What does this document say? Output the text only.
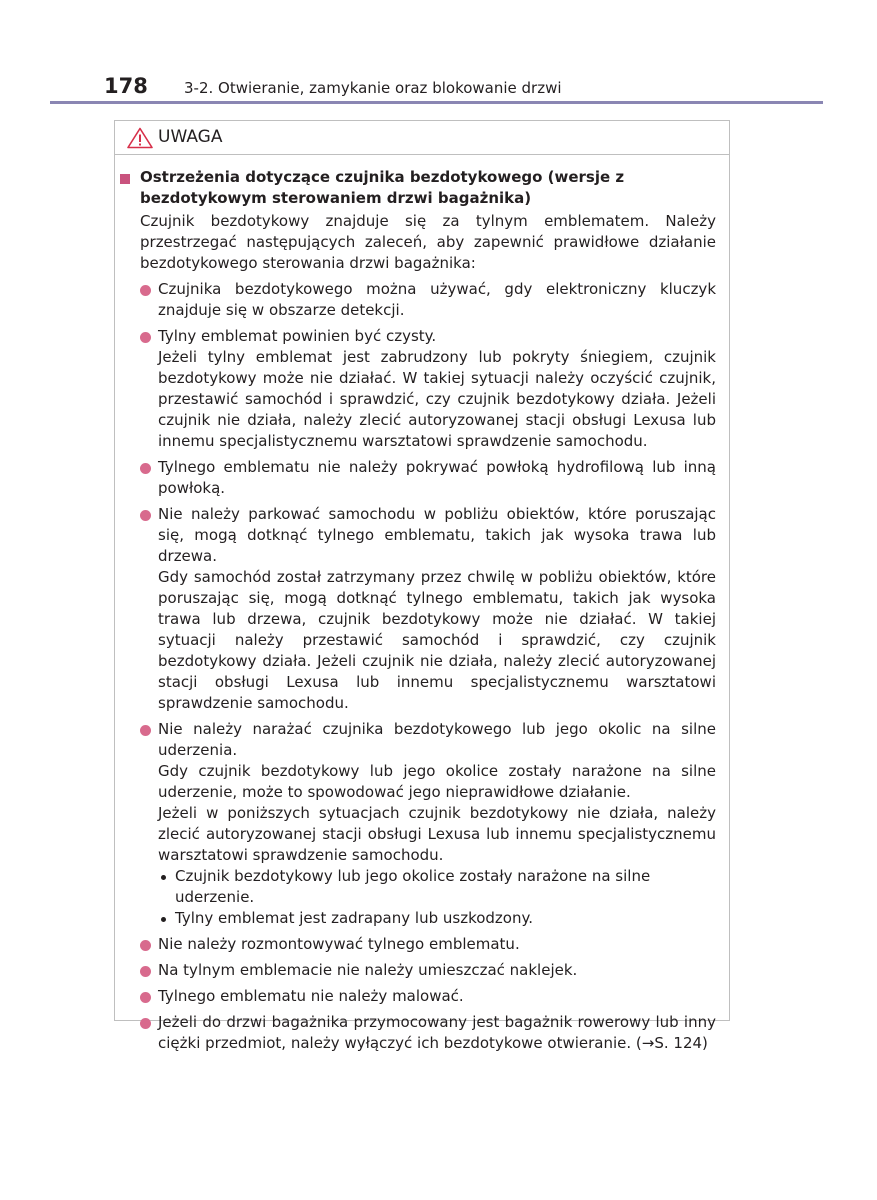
178 3-2. Otwieranie, zamykanie oraz blokowanie drzwi
UWAGA
Ostrzeżenia dotyczące czujnika bezdotykowego (wersje z bezdotykowym sterowaniem drzwi bagażnika)
Czujnik bezdotykowy znajduje się za tylnym emblematem. Należy przestrzegać następujących zaleceń, aby zapewnić prawidłowe działanie bezdotykowego sterowania drzwi bagażnika:

Czujnika bezdotykowego można używać, gdy elektroniczny kluczyk znajduje się w obszarze detekcji.

Tylny emblemat powinien być czysty.

Jeżeli tylny emblemat jest zabrudzony lub pokryty śniegiem, czujnik bezdotykowy może nie działać. W takiej sytuacji należy oczyścić czujnik, przestawić samochód i sprawdzić, czy czujnik bezdotykowy działa. Jeżeli czujnik nie działa, należy zlecić autoryzowanej stacji obsługi Lexusa lub innemu specjalistycznemu warsztatowi sprawdzenie samochodu.

Tylnego emblematu nie należy pokrywać powłoką hydrofilową lub inną powłoką.

Nie należy parkować samochodu w pobliżu obiektów, które poruszając się, mogą dotknąć tylnego emblematu, takich jak wysoka trawa lub drzewa.

Gdy samochód został zatrzymany przez chwilę w pobliżu obiektów, które poruszając się, mogą dotknąć tylnego emblematu, takich jak wysoka trawa lub drzewa, czujnik bezdotykowy może nie działać. W takiej sytuacji należy przestawić samochód i sprawdzić, czy czujnik bezdotykowy działa. Jeżeli czujnik nie działa, należy zlecić autoryzowanej stacji obsługi Lexusa lub innemu specjalistycznemu warsztatowi sprawdzenie samochodu.

Nie należy narażać czujnika bezdotykowego lub jego okolic na silne uderzenia.

Gdy czujnik bezdotykowy lub jego okolice zostały narażone na silne uderzenie, może to spowodować jego nieprawidłowe działanie.

Jeżeli w poniższych sytuacjach czujnik bezdotykowy nie działa, należy zlecić autoryzowanej stacji obsługi Lexusa lub innemu specjalistycznemu warsztatowi sprawdzenie samochodu.

Czujnik bezdotykowy lub jego okolice zostały narażone na silne uderzenie.
Tylny emblemat jest zadrapany lub uszkodzony.

Nie należy rozmontowywać tylnego emblematu.

Na tylnym emblemacie nie należy umieszczać naklejek.

Tylnego emblematu nie należy malować.

Jeżeli do drzwi bagażnika przymocowany jest bagażnik rowerowy lub inny ciężki przedmiot, należy wyłączyć ich bezdotykowe otwieranie. (→S. 124)
